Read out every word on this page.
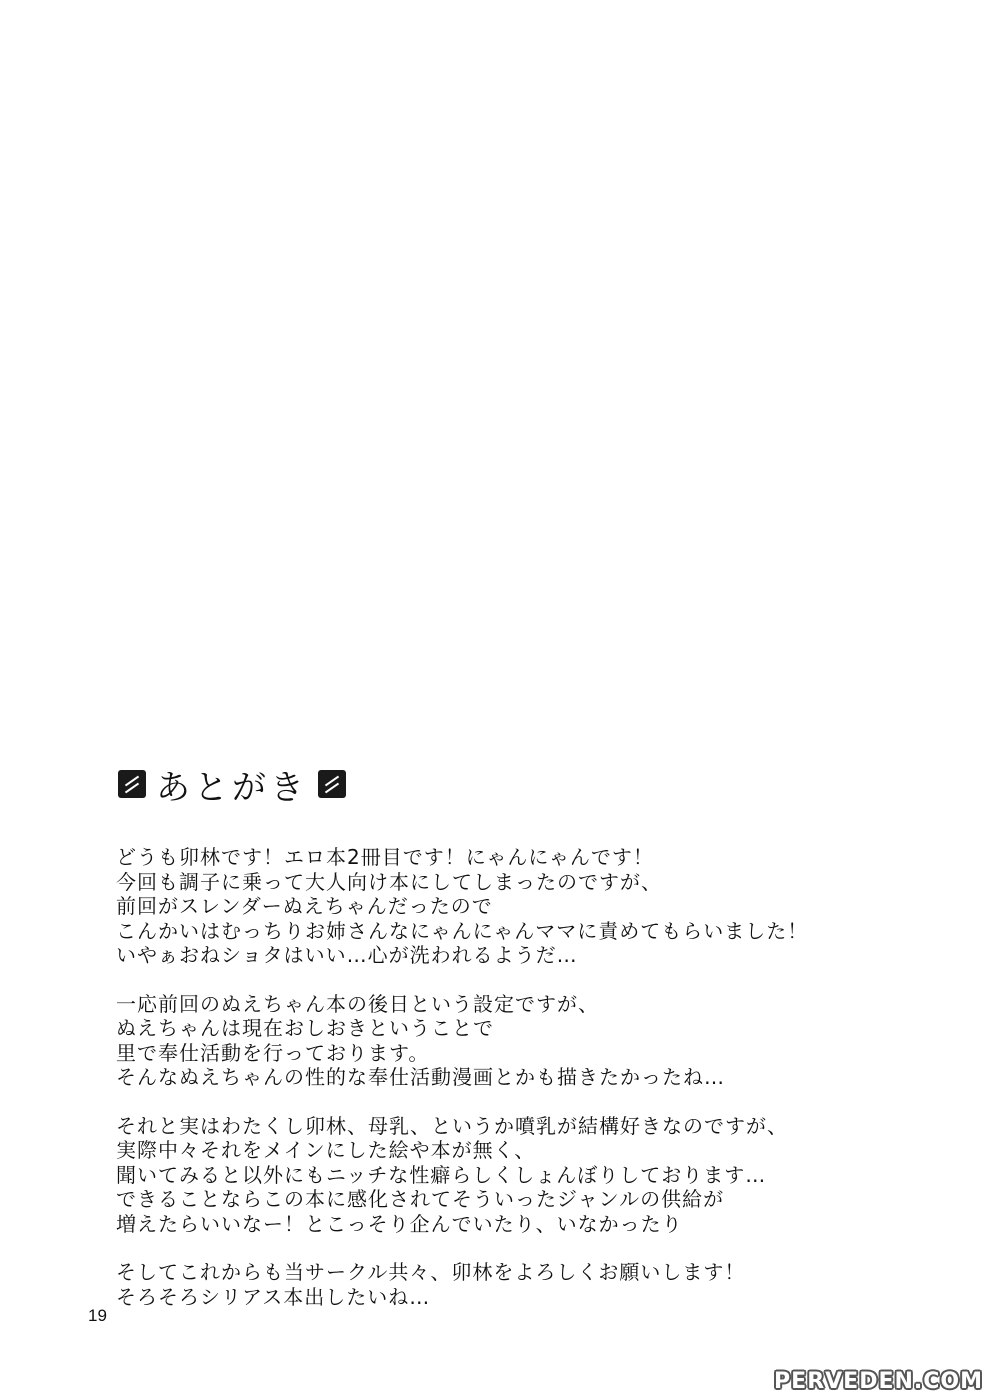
あとがき
どうも卯林です！エロ本2冊目です！にゃんにゃんです！
今回も調子に乗って大人向け本にしてしまったのですが、
前回がスレンダーぬえちゃんだったので
こんかいはむっちりお姉さんなにゃんにゃんママに責めてもらいました！
いやぁおねショタはいい…心が洗われるようだ…
一応前回のぬえちゃん本の後日という設定ですが、
ぬえちゃんは現在おしおきということで
里で奉仕活動を行っております。
そんなぬえちゃんの性的な奉仕活動漫画とかも描きたかったね…
それと実はわたくし卯林、母乳、というか噴乳が結構好きなのですが、
実際中々それをメインにした絵や本が無く、
聞いてみると以外にもニッチな性癖らしくしょんぼりしております…
できることならこの本に感化されてそういったジャンルの供給が
増えたらいいなー！とこっそり企んでいたり、いなかったり
そしてこれからも当サークル共々、卯林をよろしくお願いします！
そろそろシリアス本出したいね…
19
PERVEDEN.COM
